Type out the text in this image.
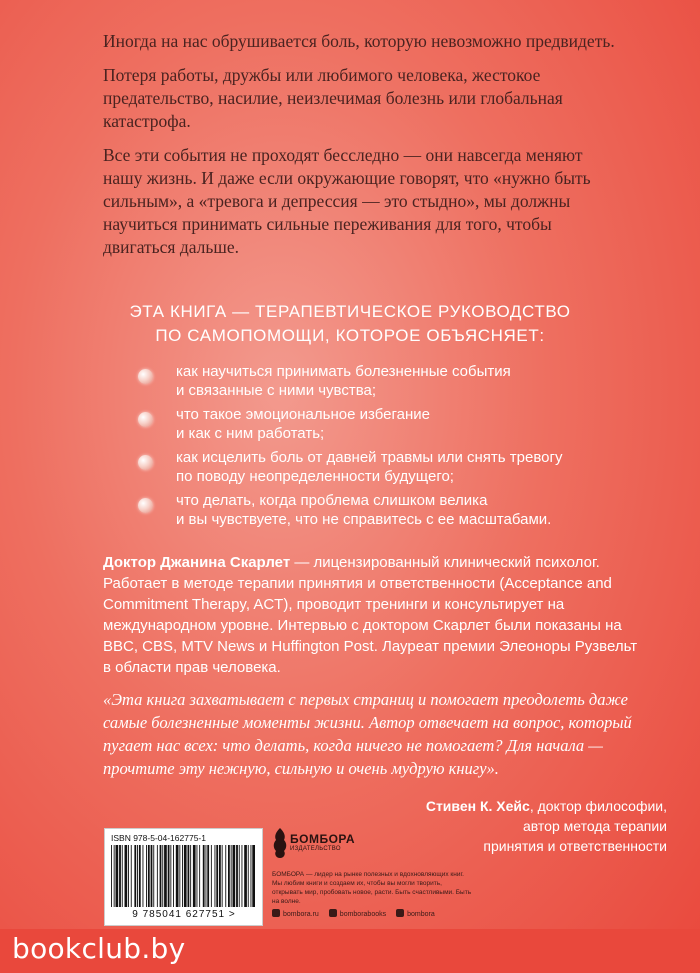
Иногда на нас обрушивается боль, которую невозможно предвидеть.

Потеря работы, дружбы или любимого человека, жестокое предательство, насилие, неизлечимая болезнь или глобальная катастрофа.

Все эти события не проходят бесследно — они навсегда меняют нашу жизнь. И даже если окружающие говорят, что «нужно быть сильным», а «тревога и депрессия — это стыдно», мы должны научиться принимать сильные переживания для того, чтобы двигаться дальше.

ЭТА КНИГА — ТЕРАПЕВТИЧЕСКОЕ РУКОВОДСТВО
ПО САМОПОМОЩИ, КОТОРОЕ ОБЪЯСНЯЕТ:
как научиться принимать болезненные события
и связанные с ними чувства;
что такое эмоциональное избегание
и как с ним работать;
как исцелить боль от давней травмы или снять тревогу
по поводу неопределенности будущего;
что делать, когда проблема слишком велика
и вы чувствуете, что не справитесь с ее масштабами.
Доктор Джанина Скарлет — лицензированный клинический психолог. Работает в методе терапии принятия и ответственности (Acceptance and Commitment Therapy, ACT), проводит тренинги и консультирует на международном уровне. Интервью с доктором Скарлет были показаны на BBC, CBS, MTV News и Huffington Post. Лауреат премии Элеоноры Рузвельт в области прав человека.
«Эта книга захватывает с первых страниц и помогает преодолеть даже самые болезненные моменты жизни. Автор отвечает на вопрос, который пугает нас всех: что делать, когда ничего не помогает? Для начала — прочтите эту нежную, сильную и очень мудрую книгу».
Стивен К. Хейс, доктор философии,
автор метода терапии
принятия и ответственности
ISBN 978-5-04-162775-1
9 785041 627751 >
БОМБОРА
ИЗДАТЕЛЬСТВО
БОМБОРА — лидер на рынке полезных и вдохновляющих книг. Мы любим книги и создаем их, чтобы вы могли творить, открывать мир, пробовать новое, расти. Быть счастливыми. Быть на волне.
bombora.ru	bomborabooks	bombora
bookclub.by
